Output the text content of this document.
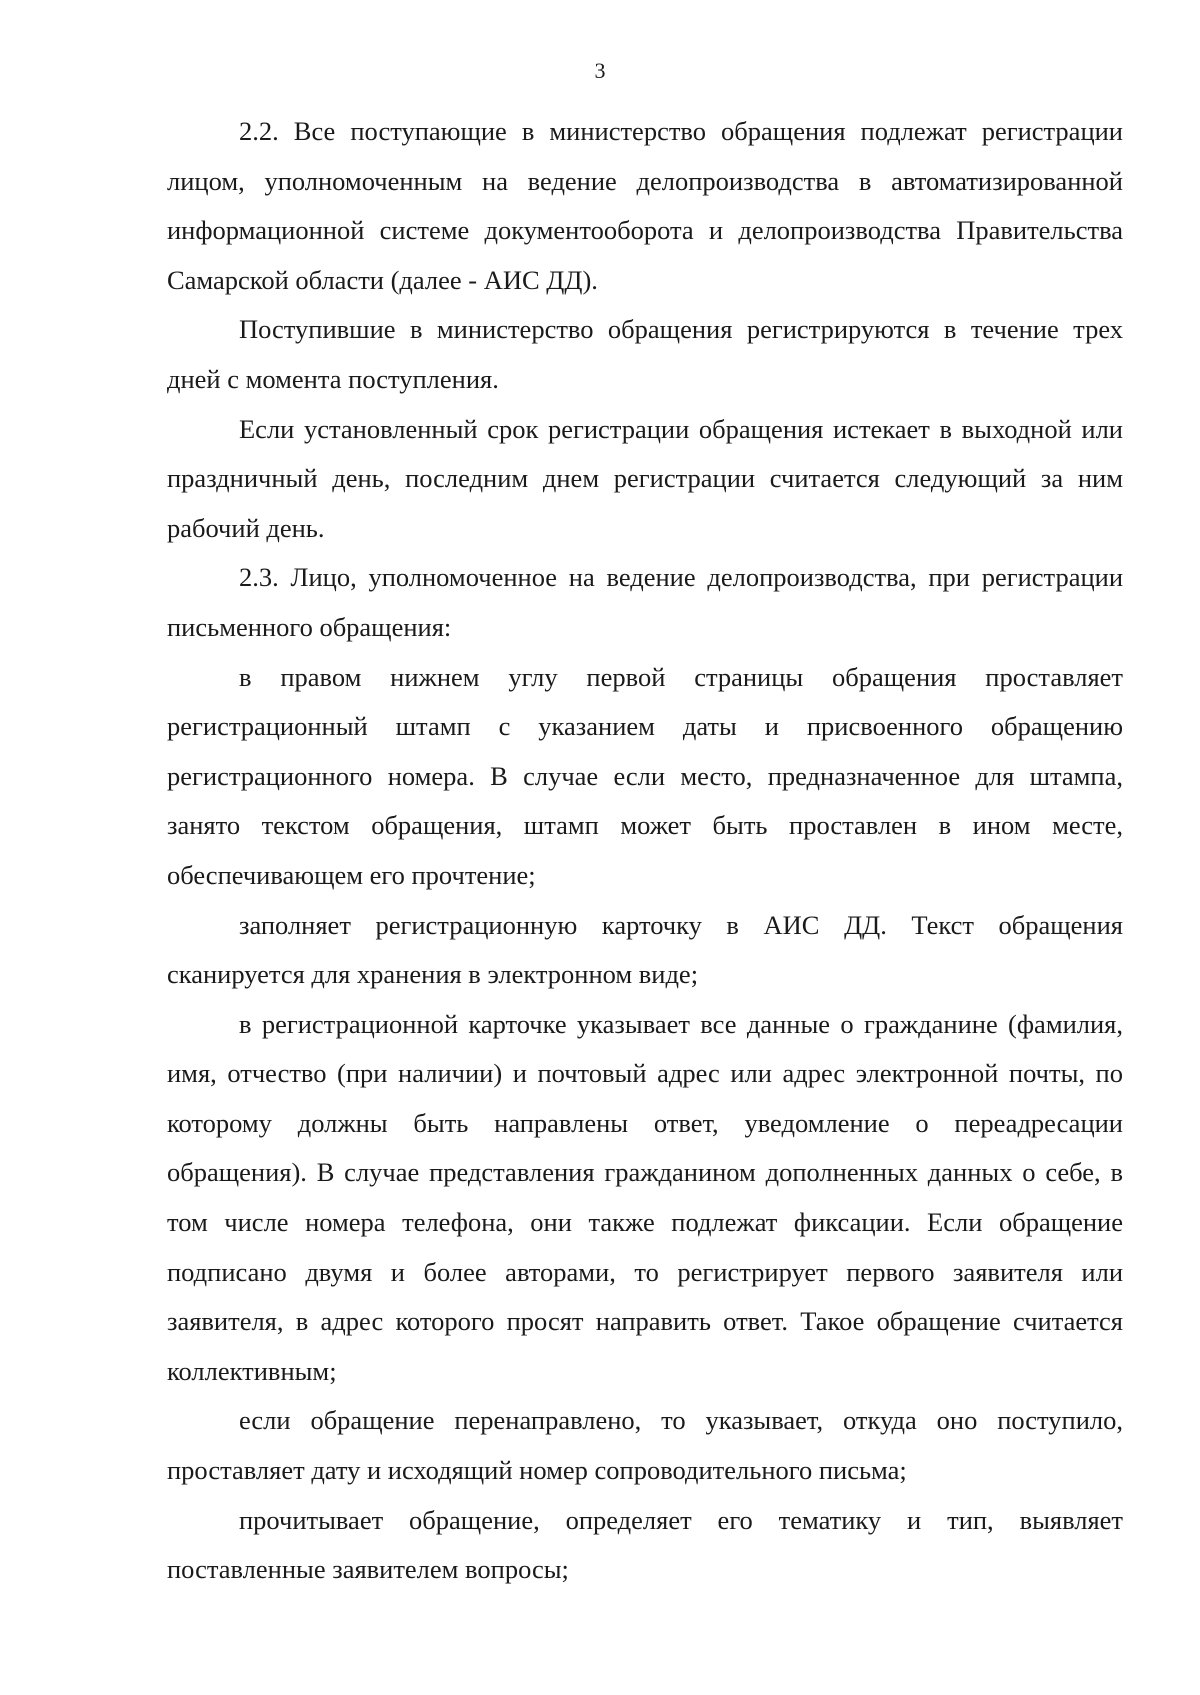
3

2.2. Все поступающие в министерство обращения подлежат регистрации лицом, уполномоченным на ведение делопроизводства в автоматизированной информационной системе документооборота и делопроизводства Правительства Самарской области (далее - АИС ДД).

Поступившие в министерство обращения регистрируются в течение трех дней с момента поступления.

Если установленный срок регистрации обращения истекает в выходной или праздничный день, последним днем регистрации считается следующий за ним рабочий день.

2.3. Лицо, уполномоченное на ведение делопроизводства, при регистрации письменного обращения:

в правом нижнем углу первой страницы обращения проставляет регистрационный штамп с указанием даты и присвоенного обращению регистрационного номера. В случае если место, предназначенное для штампа, занято текстом обращения, штамп может быть проставлен в ином месте, обеспечивающем его прочтение;

заполняет регистрационную карточку в АИС ДД. Текст обращения сканируется для хранения в электронном виде;

в регистрационной карточке указывает все данные о гражданине (фамилия, имя, отчество (при наличии) и почтовый адрес или адрес электронной почты, по которому должны быть направлены ответ, уведомление о переадресации обращения). В случае представления гражданином дополненных данных о себе, в том числе номера телефона, они также подлежат фиксации. Если обращение подписано двумя и более авторами, то регистрирует первого заявителя или заявителя, в адрес которого просят направить ответ. Такое обращение считается коллективным;

если обращение перенаправлено, то указывает, откуда оно поступило, проставляет дату и исходящий номер сопроводительного письма;

прочитывает обращение, определяет его тематику и тип, выявляет поставленные заявителем вопросы;
